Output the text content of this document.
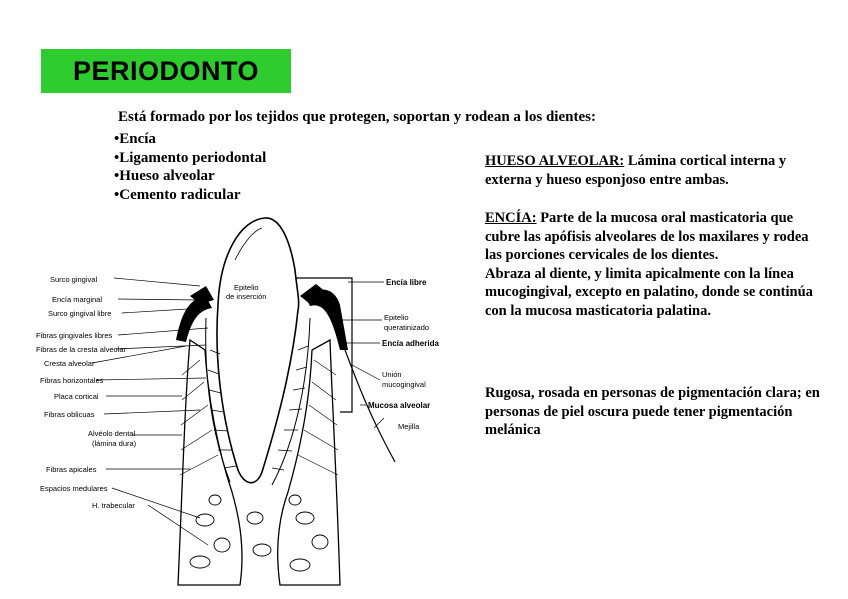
PERIODONTO
Está formado por los tejidos que protegen, soportan y rodean a los dientes:
•Encía
•Ligamento periodontal
•Hueso alveolar
•Cemento radicular
HUESO ALVEOLAR: Lámina cortical interna y externa y hueso esponjoso entre ambas.
ENCÍA: Parte de la mucosa oral masticatoria que cubre las apófisis alveolares de los maxilares y rodea las porciones cervicales de los dientes.
Abraza al diente, y limita apicalmente con la línea mucogingival, excepto en palatino, donde se continúa con la mucosa masticatoria palatina.
Rugosa, rosada en personas de pigmentación clara; en personas de piel oscura puede tener pigmentación melánica
Surco gingival
Encía marginal
Surco gingival libre
Fibras gingivales libres
Fibras de la cresta alveolar
Cresta alveolar
Fibras horizontales
Placa cortical
Fibras oblicuas
Alvéolo dental
(lámina dura)
Fibras apicales
Espacios medulares
H. trabecular
Epitelio
de inserción
Encía libre
Epitelio
queratinizado
Encía adherida
Unión
mucogingival
Mucosa alveolar
Mejilla
